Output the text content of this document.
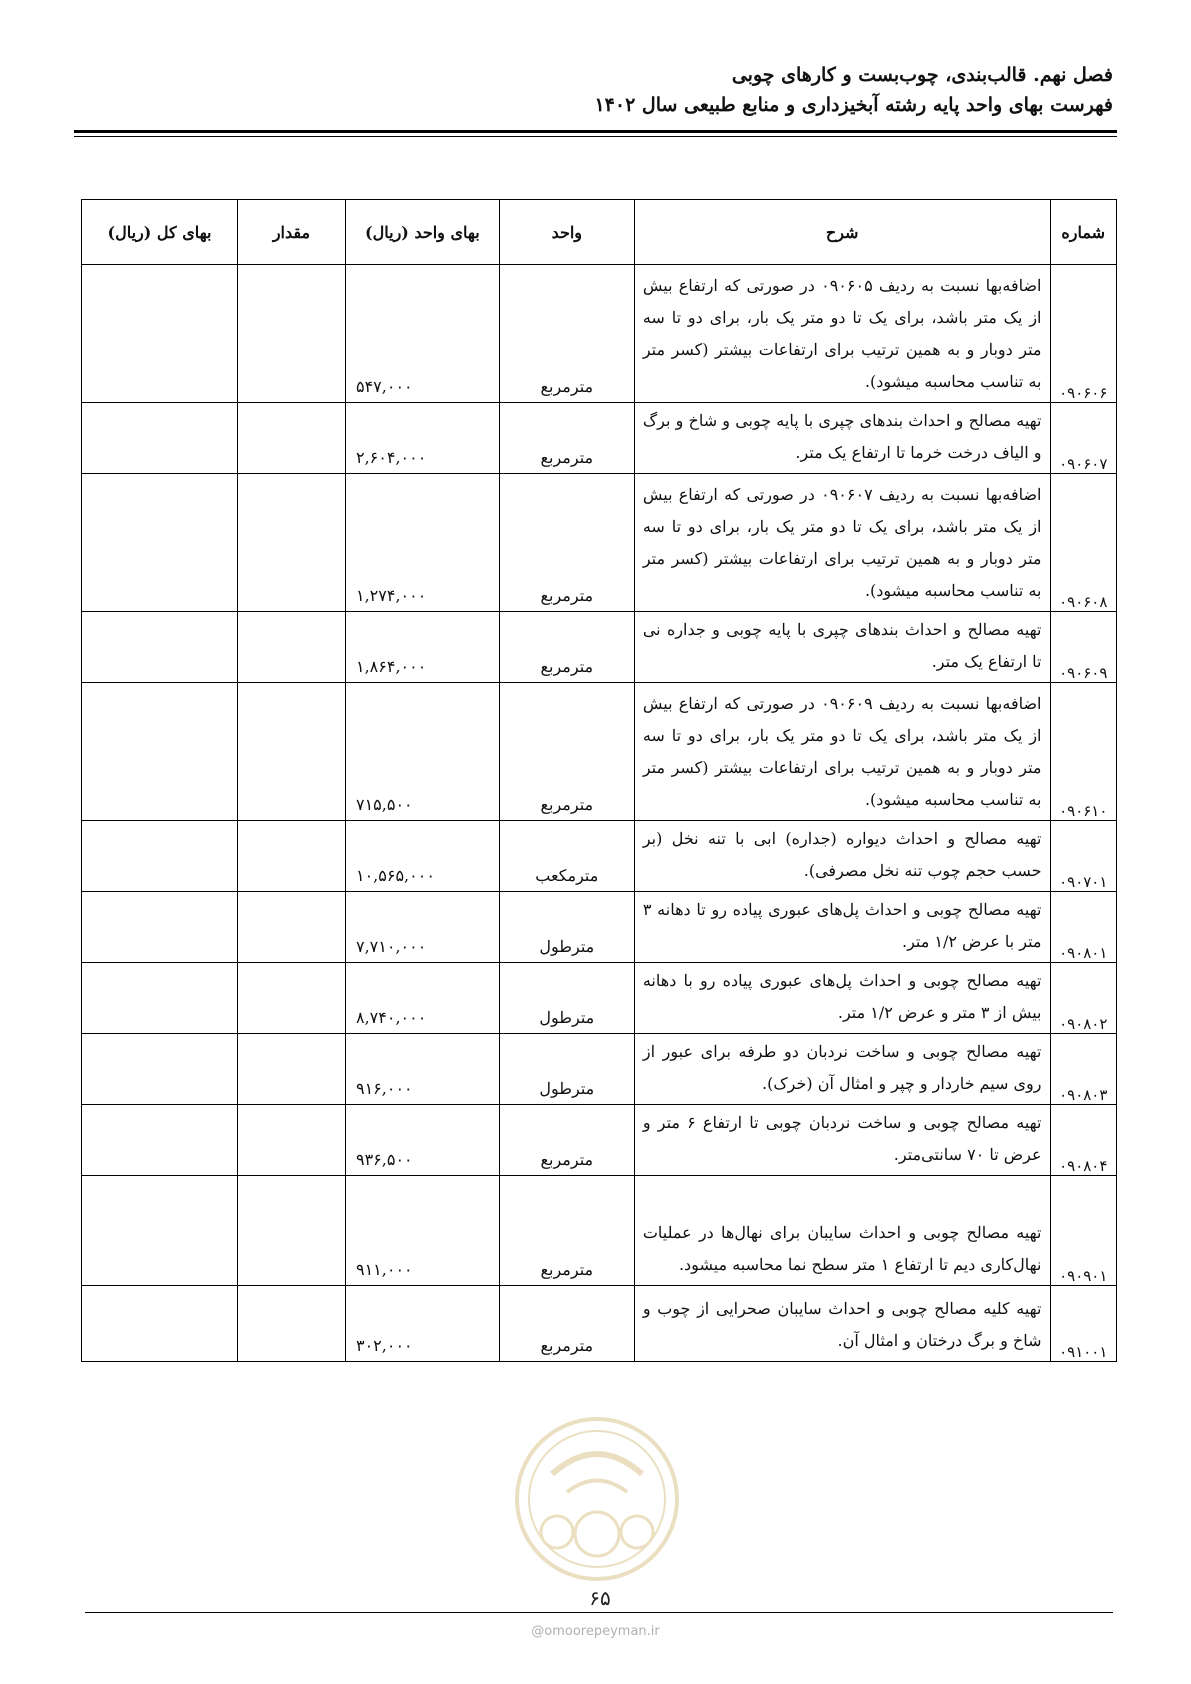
فصل نهم. قالب‌بندی، چوب‌بست و کارهای چوبی
فهرست بهای واحد پایه رشته آبخیزداری و منابع طبیعی سال ۱۴۰۲
شماره	شرح	واحد	بهای واحد (ریال)	مقدار	بهای کل (ریال)
۰۹۰۶۰۶	اضافه‌بها نسبت به ردیف ۰۹۰۶۰۵ در صورتی که ارتفاع بیش از یک متر باشد، برای یک تا دو متر یک بار، برای دو تا سه متر دوبار و به همین ترتیب برای ارتفاعات بیشتر (کسر متر به تناسب محاسبه میشود).	مترمربع	۵۴۷,۰۰۰		
۰۹۰۶۰۷	تهیه مصالح و احداث بندهای چپری با پایه چوبی و شاخ و برگ و الیاف درخت خرما تا ارتفاع یک متر.	مترمربع	۲,۶۰۴,۰۰۰		
۰۹۰۶۰۸	اضافه‌بها نسبت به ردیف ۰۹۰۶۰۷ در صورتی که ارتفاع بیش از یک متر باشد، برای یک تا دو متر یک بار، برای دو تا سه متر دوبار و به همین ترتیب برای ارتفاعات بیشتر (کسر متر به تناسب محاسبه میشود).	مترمربع	۱,۲۷۴,۰۰۰		
۰۹۰۶۰۹	تهیه مصالح و احداث بندهای چپری با پایه چوبی و جداره نی تا ارتفاع یک متر.	مترمربع	۱,۸۶۴,۰۰۰		
۰۹۰۶۱۰	اضافه‌بها نسبت به ردیف ۰۹۰۶۰۹ در صورتی که ارتفاع بیش از یک متر باشد، برای یک تا دو متر یک بار، برای دو تا سه متر دوبار و به همین ترتیب برای ارتفاعات بیشتر (کسر متر به تناسب محاسبه میشود).	مترمربع	۷۱۵,۵۰۰		
۰۹۰۷۰۱	تهیه مصالح و احداث دیواره (جداره) ابی با تنه نخل (بر حسب حجم چوب تنه نخل مصرفی).	مترمکعب	۱۰,۵۶۵,۰۰۰		
۰۹۰۸۰۱	تهیه مصالح چوبی و احداث پل‌های عبوری پیاده رو تا دهانه ۳ متر با عرض ۱/۲ متر.	مترطول	۷,۷۱۰,۰۰۰		
۰۹۰۸۰۲	تهیه مصالح چوبی و احداث پل‌های عبوری پیاده رو با دهانه بیش از ۳ متر و عرض ۱/۲ متر.	مترطول	۸,۷۴۰,۰۰۰		
۰۹۰۸۰۳	تهیه مصالح چوبی و ساخت نردبان دو طرفه برای عبور از روی سیم خاردار و چپر و امثال آن (خرک).	مترطول	۹۱۶,۰۰۰		
۰۹۰۸۰۴	تهیه مصالح چوبی و ساخت نردبان چوبی تا ارتفاع ۶ متر و عرض تا ۷۰ سانتی‌متر.	مترمربع	۹۳۶,۵۰۰		
۰۹۰۹۰۱	تهیه مصالح چوبی و احداث سایبان برای نهال‌ها در عملیات نهال‌کاری دیم تا ارتفاع ۱ متر سطح نما محاسبه میشود.	مترمربع	۹۱۱,۰۰۰		
۰۹۱۰۰۱	تهیه کلیه مصالح چوبی و احداث سایبان صحرایی از چوب و شاخ و برگ درختان و امثال آن.	مترمربع	۳۰۲,۰۰۰		
۶۵
@omoorepeyman.ir
